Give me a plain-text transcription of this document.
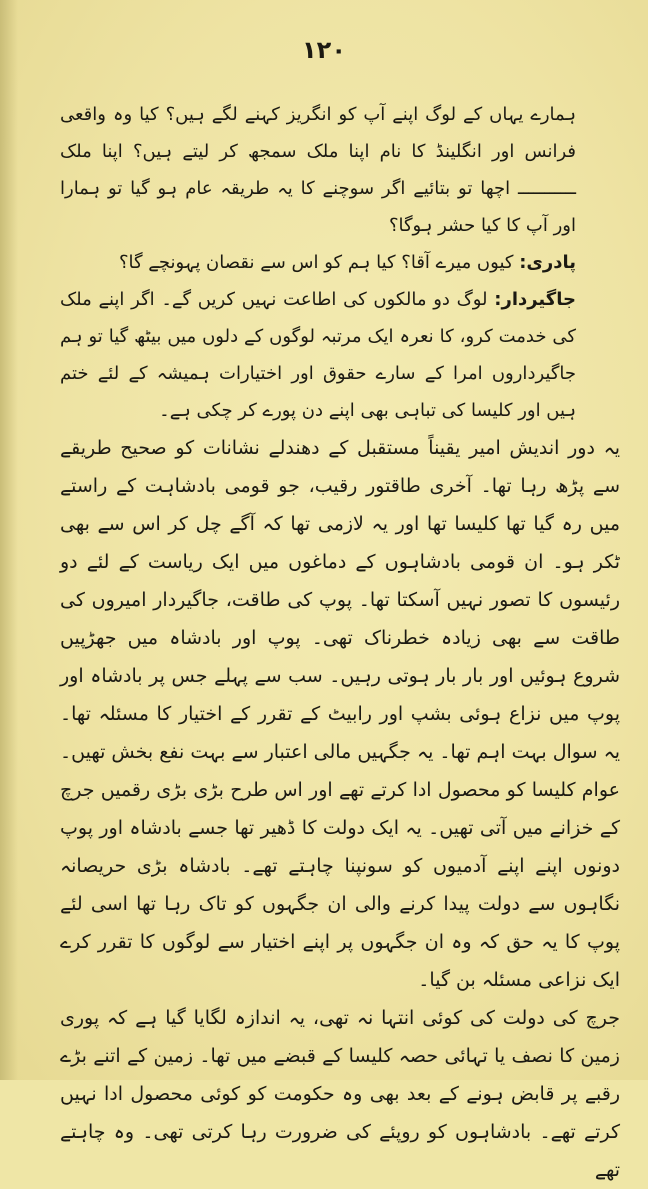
۱۲۰

ہمارے یہاں کے لوگ اپنے آپ کو انگریز کہنے لگے ہیں؟ کیا وہ واقعی فرانس اور انگلینڈ کا نام اپنا ملک سمجھ کر لیتے ہیں؟ اپنا ملک ـــــــــــ اچھا تو بتائیے اگر سوچنے کا یہ طریقہ عام ہو گیا تو ہمارا اور آپ کا کیا حشر ہوگا؟

پادری: کیوں میرے آقا؟ کیا ہم کو اس سے نقصان پہونچے گا؟

جاگیردار: لوگ دو مالکوں کی اطاعت نہیں کریں گے۔ اگر اپنے ملک کی خدمت کرو، کا نعرہ ایک مرتبہ لوگوں کے دلوں میں بیٹھ گیا تو ہم جاگیرداروں امرا کے سارے حقوق اور اختیارات ہمیشہ کے لئے ختم ہیں اور کلیسا کی تباہی بھی اپنے دن پورے کر چکی ہے۔

یہ دور اندیش امیر یقیناً مستقبل کے دھندلے نشانات کو صحیح طریقے سے پڑھ رہا تھا۔ آخری طاقتور رقیب، جو قومی بادشاہت کے راستے میں رہ گیا تھا کلیسا تھا اور یہ لازمی تھا کہ آگے چل کر اس سے بھی ٹکر ہو۔ ان قومی بادشاہوں کے دماغوں میں ایک ریاست کے لئے دو رئیسوں کا تصور نہیں آسکتا تھا۔ پوپ کی طاقت، جاگیردار امیروں کی طاقت سے بھی زیادہ خطرناک تھی۔ پوپ اور بادشاہ میں جھڑپیں شروع ہوئیں اور بار بار ہوتی رہیں۔ سب سے پہلے جس پر بادشاہ اور پوپ میں نزاع ہوئی بشپ اور رابیٹ کے تقرر کے اختیار کا مسئلہ تھا۔ یہ سوال بہت اہم تھا۔ یہ جگہیں مالی اعتبار سے بہت نفع بخش تھیں۔ عوام کلیسا کو محصول ادا کرتے تھے اور اس طرح بڑی بڑی رقمیں جرچ کے خزانے میں آتی تھیں۔ یہ ایک دولت کا ڈھیر تھا جسے بادشاہ اور پوپ دونوں اپنے اپنے آدمیوں کو سونپنا چاہتے تھے۔ بادشاہ بڑی حریصانہ نگاہوں سے دولت پیدا کرنے والی ان جگہوں کو تاک رہا تھا اسی لئے پوپ کا یہ حق کہ وہ ان جگہوں پر اپنے اختیار سے لوگوں کا تقرر کرے ایک نزاعی مسئلہ بن گیا۔

جرچ کی دولت کی کوئی انتہا نہ تھی، یہ اندازہ لگایا گیا ہے کہ پوری زمین کا نصف یا تہائی حصہ کلیسا کے قبضے میں تھا۔ زمین کے اتنے بڑے رقبے پر قابض ہونے کے بعد بھی وہ حکومت کو کوئی محصول ادا نہیں کرتے تھے۔ بادشاہوں کو روپئے کی ضرورت رہا کرتی تھی۔ وہ چاہتے تھے
